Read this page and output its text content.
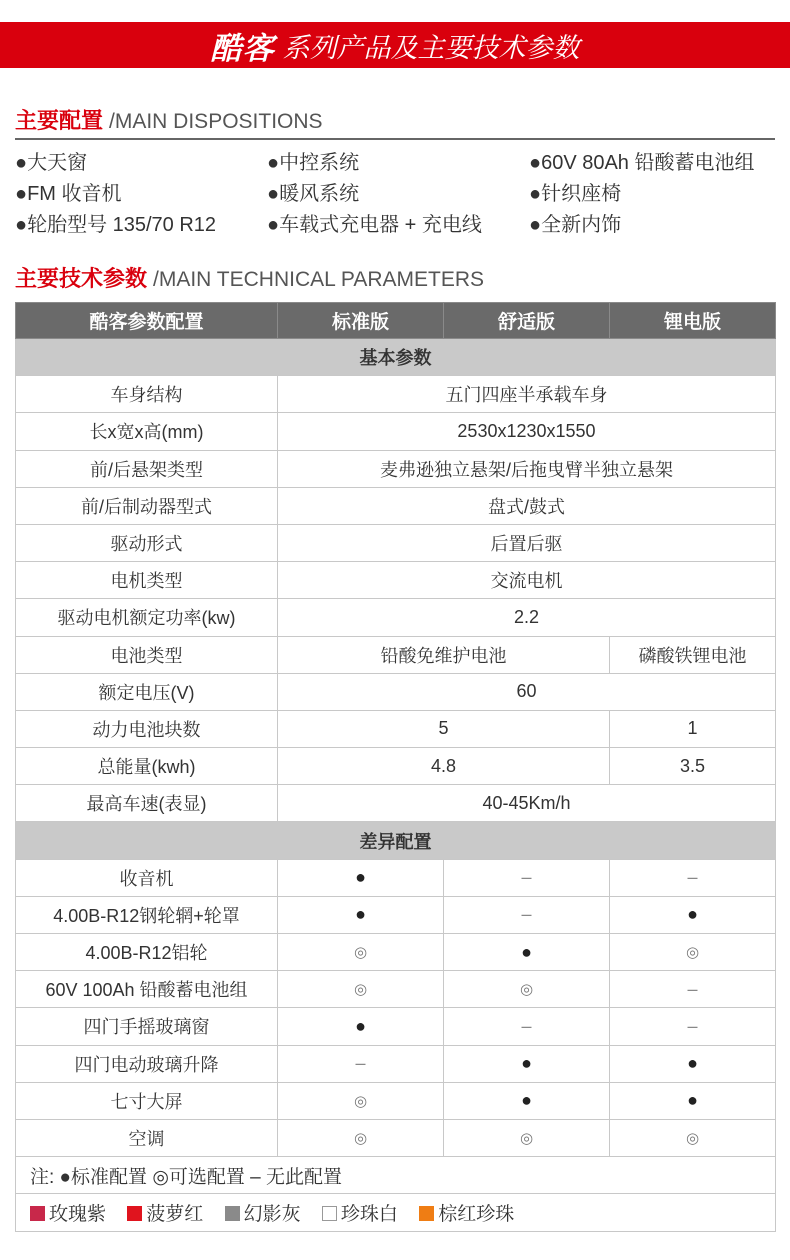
酷客 系列产品及主要技术参数
主要配置 /MAIN DISPOSITIONS
●大天窗	●中控系统	●60V 80Ah 铅酸蓄电池组
●FM 收音机	●暖风系统	●针织座椅
●轮胎型号 135/70 R12	●车载式充电器 + 充电线	●全新内饰
主要技术参数 /MAIN TECHNICAL PARAMETERS
酷客参数配置	标准版	舒适版	锂电版
基本参数			
车身结构	五门四座半承载车身		
长x宽x高(mm)	2530x1230x1550		
前/后悬架类型	麦弗逊独立悬架/后拖曳臂半独立悬架		
前/后制动器型式	盘式/鼓式		
驱动形式	后置后驱		
电机类型	交流电机		
驱动电机额定功率(kw)	2.2		
电池类型	铅酸免维护电池		磷酸铁锂电池
额定电压(V)	60		
动力电池块数	5		1
总能量(kwh)	4.8		3.5
最高车速(表显)	40-45Km/h		
差异配置			
收音机	●	–	–
4.00B-R12钢轮辋+轮罩	●	–	●
4.00B-R12铝轮	◎	●	◎
60V 100Ah 铅酸蓄电池组	◎	◎	–
四门手摇玻璃窗	●	–	–
四门电动玻璃升降	–	●	●
七寸大屏	◎	●	●
空调	◎	◎	◎
注: ●标准配置 ◎可选配置 – 无此配置			
玫瑰紫 菠萝红 幻影灰 珍珠白 棕红珍珠			
